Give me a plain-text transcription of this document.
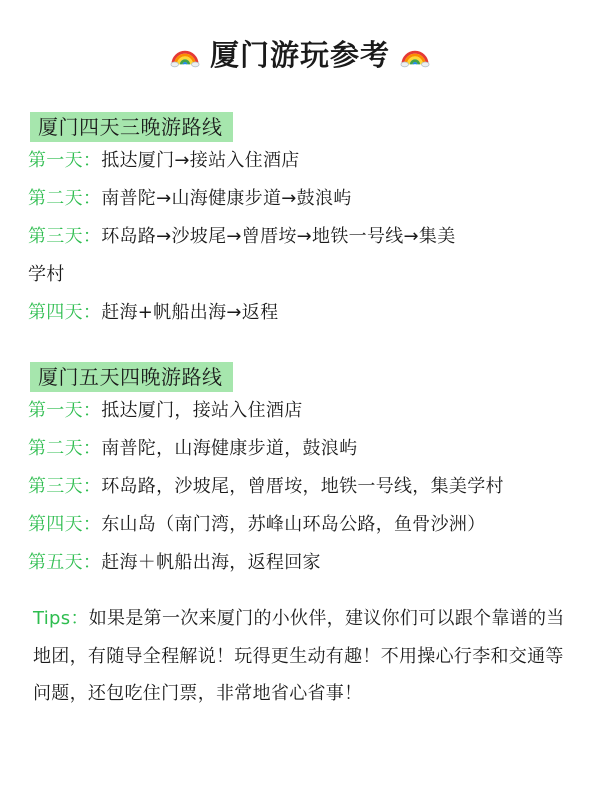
厦门游玩参考
厦门四天三晚游路线
第一天：抵达厦门→接站入住酒店
第二天：南普陀→山海健康步道→鼓浪屿
第三天：环岛路→沙坡尾→曾厝垵→地铁一号线→集美
学村
第四天：赶海+帆船出海→返程
厦门五天四晚游路线
第一天：抵达厦门，接站入住酒店
第二天：南普陀，山海健康步道，鼓浪屿
第三天：环岛路，沙坡尾，曾厝垵，地铁一号线，集美学村
第四天：东山岛（南门湾，苏峰山环岛公路，鱼骨沙洲）
第五天：赶海＋帆船出海，返程回家
Tips：如果是第一次来厦门的小伙伴，建议你们可以跟个靠谱的当地团，有随导全程解说！玩得更生动有趣！不用操心行李和交通等问题，还包吃住门票，非常地省心省事！
